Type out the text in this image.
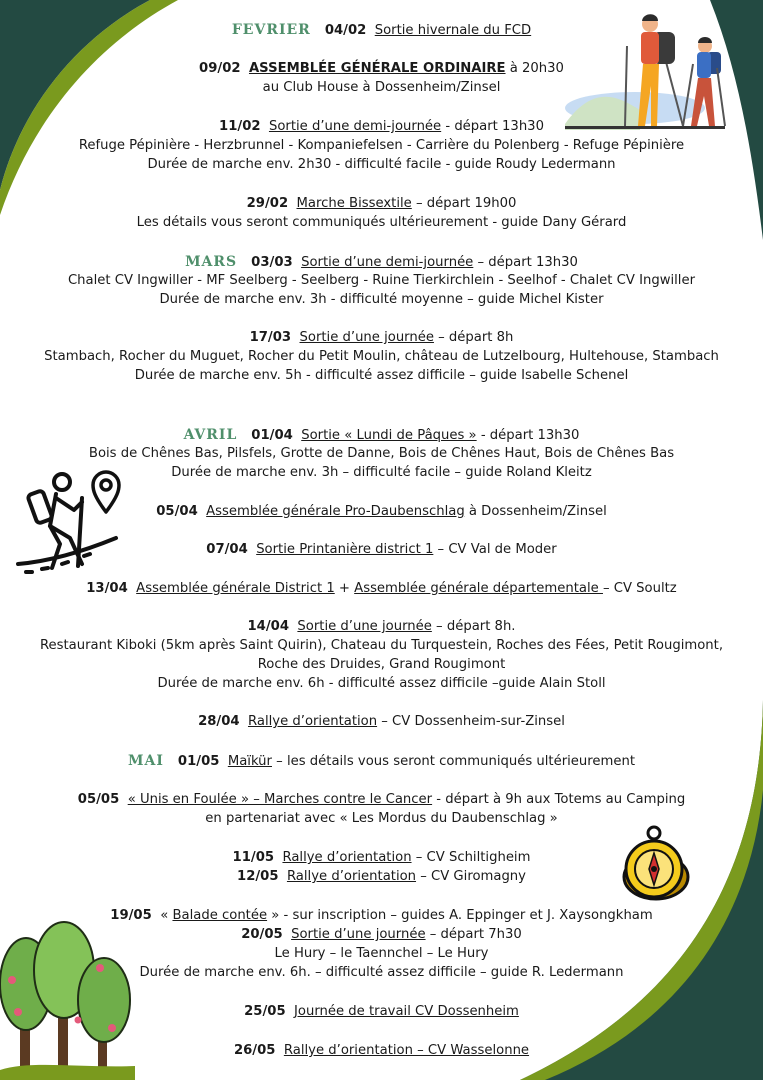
FEVRIER 04/02 Sortie hivernale du FCD
09/02 ASSEMBLÉE GÉNÉRALE ORDINAIRE à 20h30
au Club House à Dossenheim/Zinsel
11/02 Sortie d’une demi-journée - départ 13h30
Refuge Pépinière - Herzbrunnel - Kompaniefelsen - Carrière du Polenberg - Refuge Pépinière
Durée de marche env. 2h30 - difficulté facile - guide Roudy Ledermann
29/02 Marche Bissextile – départ 19h00
Les détails vous seront communiqués ultérieurement - guide Dany Gérard
MARS 03/03 Sortie d’une demi-journée – départ 13h30
Chalet CV Ingwiller - MF Seelberg - Seelberg - Ruine Tierkirchlein - Seelhof - Chalet CV Ingwiller
Durée de marche env. 3h - difficulté moyenne – guide Michel Kister
17/03 Sortie d’une journée – départ 8h
Stambach, Rocher du Muguet, Rocher du Petit Moulin, château de Lutzelbourg, Hultehouse, Stambach
Durée de marche env. 5h - difficulté assez difficile – guide Isabelle Schenel
AVRIL 01/04 Sortie « Lundi de Pâques » - départ 13h30
Bois de Chênes Bas, Pilsfels, Grotte de Danne, Bois de Chênes Haut, Bois de Chênes Bas
Durée de marche env. 3h – difficulté facile – guide Roland Kleitz
05/04 Assemblée générale Pro-Daubenschlag à Dossenheim/Zinsel
07/04 Sortie Printanière district 1 – CV Val de Moder
13/04 Assemblée générale District 1 + Assemblée générale départementale – CV Soultz
14/04 Sortie d’une journée – départ 8h.
Restaurant Kiboki (5km après Saint Quirin), Chateau du Turquestein, Roches des Fées, Petit Rougimont,
Roche des Druides, Grand Rougimont
Durée de marche env. 6h - difficulté assez difficile –guide Alain Stoll
28/04 Rallye d’orientation – CV Dossenheim-sur-Zinsel
MAI 01/05 Maïkür – les détails vous seront communiqués ultérieurement
05/05 « Unis en Foulée » – Marches contre le Cancer - départ à 9h aux Totems au Camping
en partenariat avec « Les Mordus du Daubenschlag »
11/05 Rallye d’orientation – CV Schiltigheim
12/05 Rallye d’orientation – CV Giromagny
19/05 « Balade contée » - sur inscription – guides A. Eppinger et J. Xaysongkham
20/05 Sortie d’une journée – départ 7h30
Le Hury – le Taennchel – Le Hury
Durée de marche env. 6h. – difficulté assez difficile – guide R. Ledermann
25/05 Journée de travail CV Dossenheim
26/05 Rallye d’orientation – CV Wasselonne
